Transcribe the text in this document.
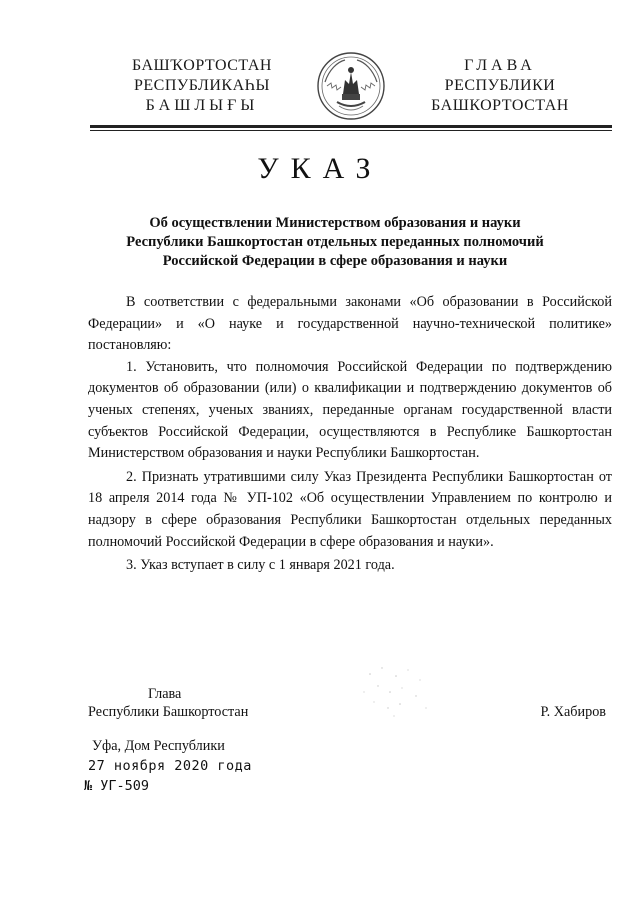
БАШҠОРТОСТАН
РЕСПУБЛИКАҺЫ
БАШЛЫҒЫ
ГЛАВА
РЕСПУБЛИКИ
БАШКОРТОСТАН
УКАЗ
Об осуществлении Министерством образования и науки
Республики Башкортостан отдельных переданных полномочий
Российской Федерации в сфере образования и науки

В соответствии с федеральными законами «Об образовании в Российской Федерации» и «О науке и государственной научно-технической политике» постановляю:

1. Установить, что полномочия Российской Федерации по подтверждению документов об образовании (или) о квалификации и подтверждению документов об ученых степенях, ученых званиях, переданные органам государственной власти субъектов Российской Федерации, осуществляются в Республике Башкортостан Министерством образования и науки Республики Башкортостан.

2. Признать утратившими силу Указ Президента Республики Башкортостан от 18 апреля 2014 года № УП-102 «Об осуществлении Управлением по контролю и надзору в сфере образования Республики Башкортостан отдельных переданных полномочий Российской Федерации в сфере образования и науки».

3. Указ вступает в силу с 1 января 2021 года.

Глава
Республики Башкортостан	Р. Хабиров
Уфа, Дом Республики
27 ноября 2020 года
№ УГ-509
